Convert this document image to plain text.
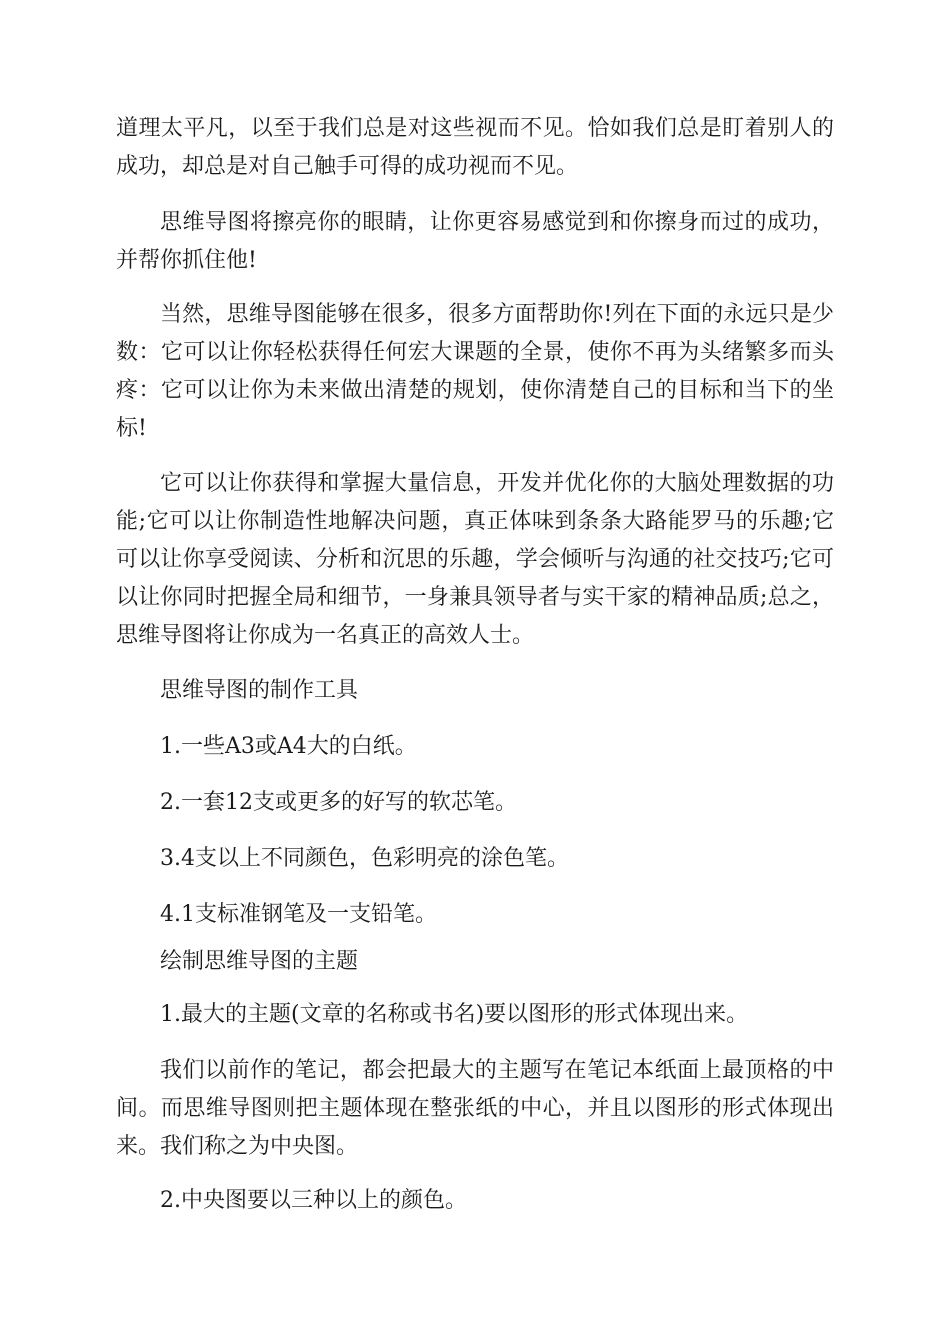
道理太平凡，以至于我们总是对这些视而不见。恰如我们总是盯着别人的成功，却总是对自己触手可得的成功视而不见。

思维导图将擦亮你的眼睛，让你更容易感觉到和你擦身而过的成功，并帮你抓住他!

当然，思维导图能够在很多，很多方面帮助你!列在下面的永远只是少数：它可以让你轻松获得任何宏大课题的全景，使你不再为头绪繁多而头疼：它可以让你为未来做出清楚的规划，使你清楚自己的目标和当下的坐标!

它可以让你获得和掌握大量信息，开发并优化你的大脑处理数据的功能;它可以让你制造性地解决问题，真正体味到条条大路能罗马的乐趣;它可以让你享受阅读、分析和沉思的乐趣，学会倾听与沟通的社交技巧;它可以让你同时把握全局和细节，一身兼具领导者与实干家的精神品质;总之，思维导图将让你成为一名真正的高效人士。

思维导图的制作工具

1.一些A3或A4大的白纸。

2.一套12支或更多的好写的软芯笔。

3.4支以上不同颜色，色彩明亮的涂色笔。

4.1支标准钢笔及一支铅笔。

绘制思维导图的主题

1.最大的主题(文章的名称或书名)要以图形的形式体现出来。

我们以前作的笔记，都会把最大的主题写在笔记本纸面上最顶格的中间。而思维导图则把主题体现在整张纸的中心，并且以图形的形式体现出来。我们称之为中央图。

2.中央图要以三种以上的颜色。
